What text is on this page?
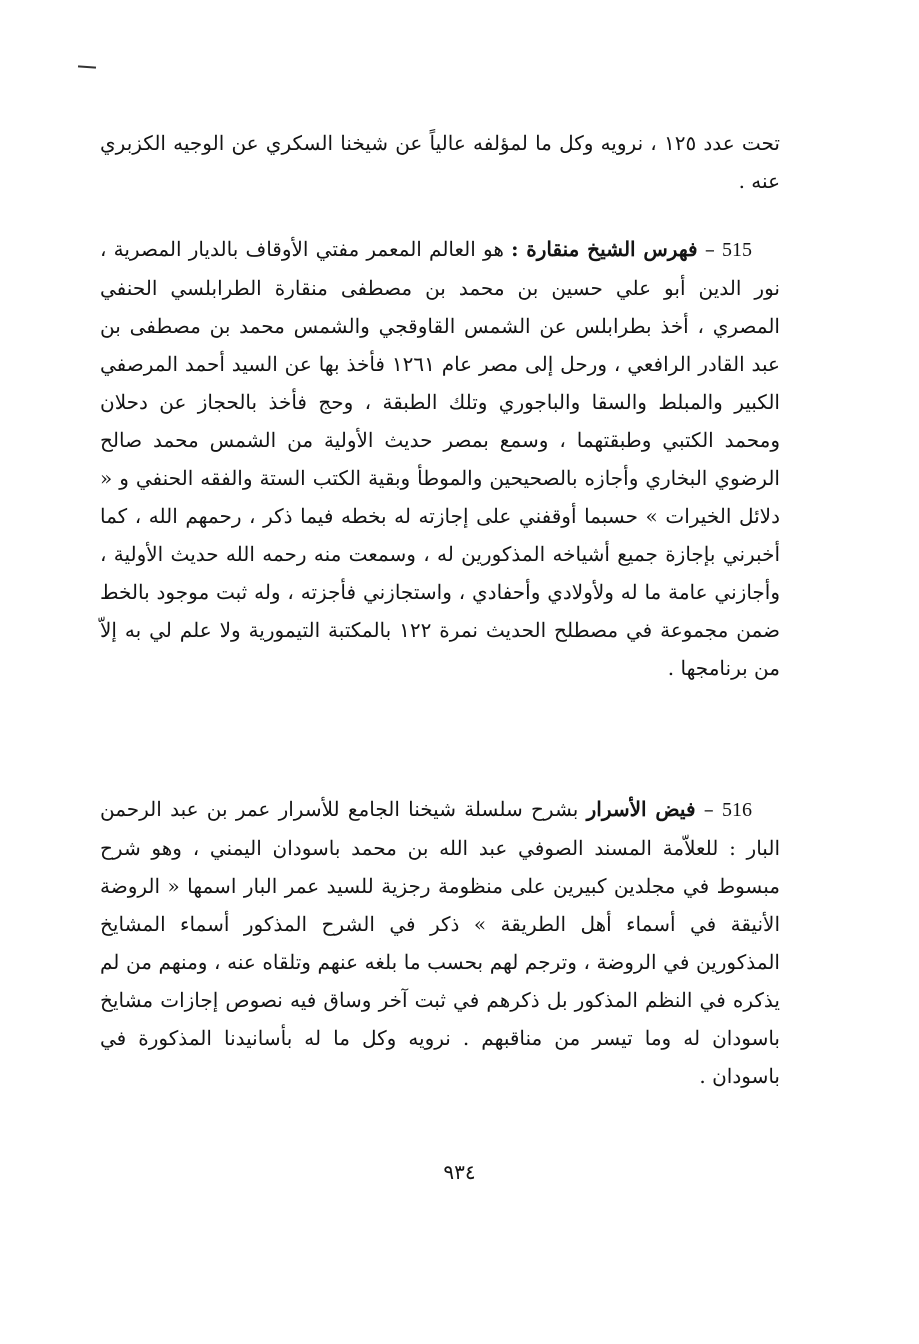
تحت عدد ١٢٥ ، نرويه وكل ما لمؤلفه عالياً عن شيخنا السكري عن الوجيه الكزبري عنه .

515 – فهرس الشيخ منقارة : هو العالم المعمر مفتي الأوقاف بالديار المصرية ، نور الدين أبو علي حسين بن محمد بن مصطفى منقارة الطرابلسي الحنفي المصري ، أخذ بطرابلس عن الشمس القاوقجي والشمس محمد بن مصطفى بن عبد القادر الرافعي ، ورحل إلى مصر عام ١٢٦١ فأخذ بها عن السيد أحمد المرصفي الكبير والمبلط والسقا والباجوري وتلك الطبقة ، وحج فأخذ بالحجاز عن دحلان ومحمد الكتبي وطبقتهما ، وسمع بمصر حديث الأولية من الشمس محمد صالح الرضوي البخاري وأجازه بالصحيحين والموطأ وبقية الكتب الستة والفقه الحنفي و « دلائل الخيرات » حسبما أوقفني على إجازته له بخطه فيما ذكر ، رحمهم الله ، كما أخبرني بإجازة جميع أشياخه المذكورين له ، وسمعت منه رحمه الله حديث الأولية ، وأجازني عامة ما له ولأولادي وأحفادي ، واستجازني فأجزته ، وله ثبت موجود بالخط ضمن مجموعة في مصطلح الحديث نمرة ١٢٢ بالمكتبة التيمورية ولا علم لي به إلاّ من برنامجها .

516 – فيض الأسرار بشرح سلسلة شيخنا الجامع للأسرار عمر بن عبد الرحمن البار : للعلاّمة المسند الصوفي عبد الله بن محمد باسودان اليمني ، وهو شرح مبسوط في مجلدين كبيرين على منظومة رجزية للسيد عمر البار اسمها « الروضة الأنيقة في أسماء أهل الطريقة » ذكر في الشرح المذكور أسماء المشايخ المذكورين في الروضة ، وترجم لهم بحسب ما بلغه عنهم وتلقاه عنه ، ومنهم من لم يذكره في النظم المذكور بل ذكرهم في ثبت آخر وساق فيه نصوص إجازات مشايخ باسودان له وما تيسر من مناقبهم . نرويه وكل ما له بأسانيدنا المذكورة في باسودان .

٩٣٤
